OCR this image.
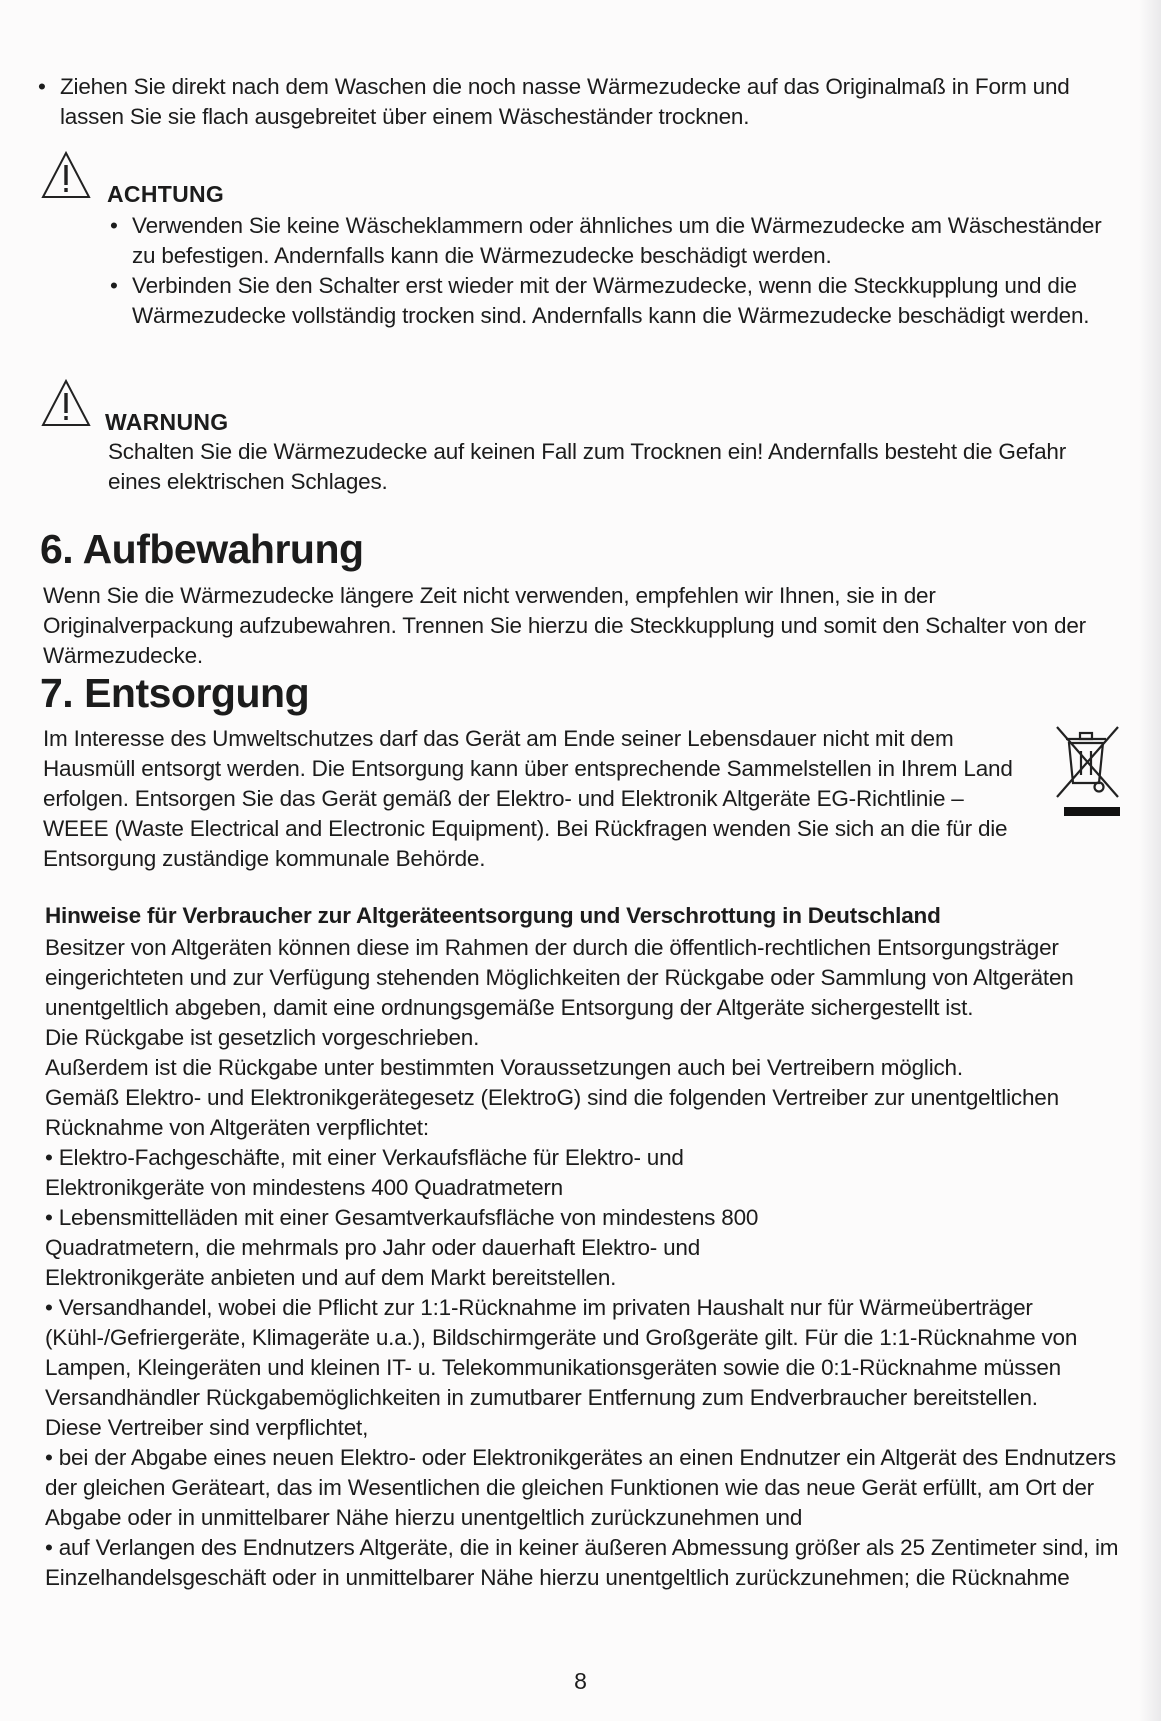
• Ziehen Sie direkt nach dem Waschen die noch nasse Wärmezudecke auf das Originalmaß in Form und lassen Sie sie flach ausgebreitet über einem Wäscheständer trocknen.

ACHTUNG

• Verwenden Sie keine Wäscheklammern oder ähnliches um die Wärmezudecke am Wäscheständer zu befestigen. Andernfalls kann die Wärmezudecke beschädigt werden.

• Verbinden Sie den Schalter erst wieder mit der Wärmezudecke, wenn die Steckkupplung und die Wärmezudecke vollständig trocken sind. Andernfalls kann die Wärmezudecke beschädigt werden.

WARNUNG

Schalten Sie die Wärmezudecke auf keinen Fall zum Trocknen ein! Andernfalls besteht die Gefahr eines elektrischen Schlages.

6. Aufbewahrung

Wenn Sie die Wärmezudecke längere Zeit nicht verwenden, empfehlen wir Ihnen, sie in der Originalverpackung aufzubewahren. Trennen Sie hierzu die Steckkupplung und somit den Schalter von der Wärmezudecke.

7. Entsorgung

Im Interesse des Umweltschutzes darf das Gerät am Ende seiner Lebensdauer nicht mit dem Hausmüll entsorgt werden. Die Entsorgung kann über entsprechende Sammelstellen in Ihrem Land erfolgen. Entsorgen Sie das Gerät gemäß der Elektro- und Elektronik Altgeräte EG-Richtlinie – WEEE (Waste Electrical and Electronic Equipment). Bei Rückfragen wenden Sie sich an die für die Entsorgung zuständige kommunale Behörde.

Hinweise für Verbraucher zur Altgeräteentsorgung und Verschrottung in Deutschland

Besitzer von Altgeräten können diese im Rahmen der durch die öffentlich-rechtlichen Entsorgungsträger eingerichteten und zur Verfügung stehenden Möglichkeiten der Rückgabe oder Sammlung von Altgeräten unentgeltlich abgeben, damit eine ordnungsgemäße Entsorgung der Altgeräte sichergestellt ist.

Die Rückgabe ist gesetzlich vorgeschrieben.

Außerdem ist die Rückgabe unter bestimmten Voraussetzungen auch bei Vertreibern möglich.

Gemäß Elektro- und Elektronikgerätegesetz (ElektroG) sind die folgenden Vertreiber zur unentgeltlichen Rücknahme von Altgeräten verpflichtet:

• Elektro-Fachgeschäfte, mit einer Verkaufsfläche für Elektro- und Elektronikgeräte von mindestens 400 Quadratmetern

• Lebensmittelläden mit einer Gesamtverkaufsfläche von mindestens 800 Quadratmetern, die mehrmals pro Jahr oder dauerhaft Elektro- und Elektronikgeräte anbieten und auf dem Markt bereitstellen.

• Versandhandel, wobei die Pflicht zur 1:1-Rücknahme im privaten Haushalt nur für Wärmeüberträger (Kühl-/Gefriergeräte, Klimageräte u.a.), Bildschirmgeräte und Großgeräte gilt. Für die 1:1-Rücknahme von Lampen, Kleingeräten und kleinen IT- u. Telekommunikationsgeräten sowie die 0:1-Rücknahme müssen Versandhändler Rückgabemöglichkeiten in zumutbarer Entfernung zum Endverbraucher bereitstellen.

Diese Vertreiber sind verpflichtet,

• bei der Abgabe eines neuen Elektro- oder Elektronikgerätes an einen Endnutzer ein Altgerät des Endnutzers der gleichen Geräteart, das im Wesentlichen die gleichen Funktionen wie das neue Gerät erfüllt, am Ort der Abgabe oder in unmittelbarer Nähe hierzu unentgeltlich zurückzunehmen und

• auf Verlangen des Endnutzers Altgeräte, die in keiner äußeren Abmessung größer als 25 Zentimeter sind, im Einzelhandelsgeschäft oder in unmittelbarer Nähe hierzu unentgeltlich zurückzunehmen; die Rücknahme

8
